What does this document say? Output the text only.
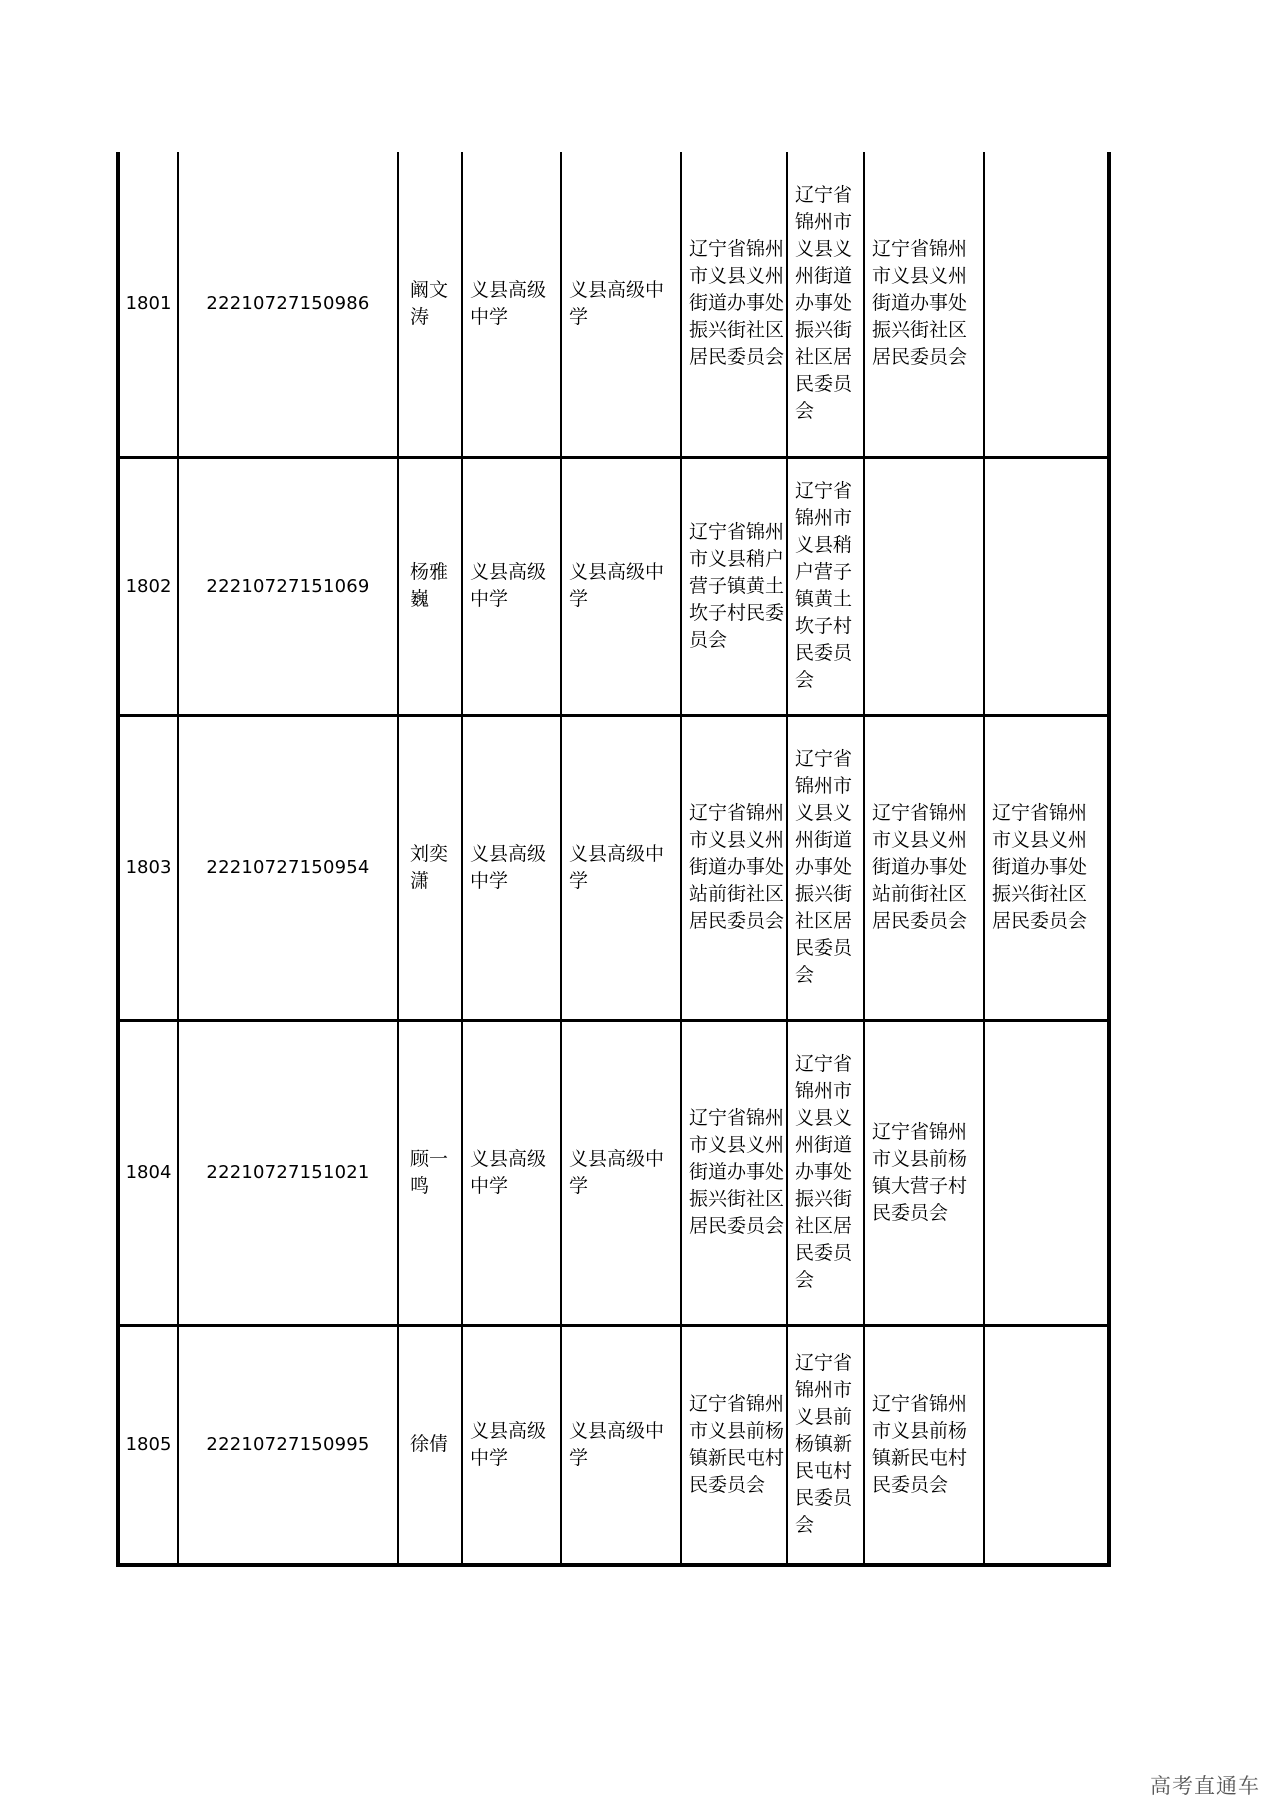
1801	22210727150986	阚文涛	义县高级中学	义县高级中学	辽宁省锦州市义县义州街道办事处振兴街社区居民委员会	辽宁省锦州市义县义州街道办事处振兴街社区居民委员会	辽宁省锦州市义县义州街道办事处振兴街社区居民委员会	
1802	22210727151069	杨雅巍	义县高级中学	义县高级中学	辽宁省锦州市义县稍户营子镇黄土坎子村民委员会	辽宁省锦州市义县稍户营子镇黄土坎子村民委员会		
1803	22210727150954	刘奕潇	义县高级中学	义县高级中学	辽宁省锦州市义县义州街道办事处站前街社区居民委员会	辽宁省锦州市义县义州街道办事处振兴街社区居民委员会	辽宁省锦州市义县义州街道办事处站前街社区居民委员会	辽宁省锦州市义县义州街道办事处振兴街社区居民委员会
1804	22210727151021	顾一鸣	义县高级中学	义县高级中学	辽宁省锦州市义县义州街道办事处振兴街社区居民委员会	辽宁省锦州市义县义州街道办事处振兴街社区居民委员会	辽宁省锦州市义县前杨镇大营子村民委员会	
1805	22210727150995	徐倩	义县高级中学	义县高级中学	辽宁省锦州市义县前杨镇新民屯村民委员会	辽宁省锦州市义县前杨镇新民屯村民委员会	辽宁省锦州市义县前杨镇新民屯村民委员会	
高考直通车
